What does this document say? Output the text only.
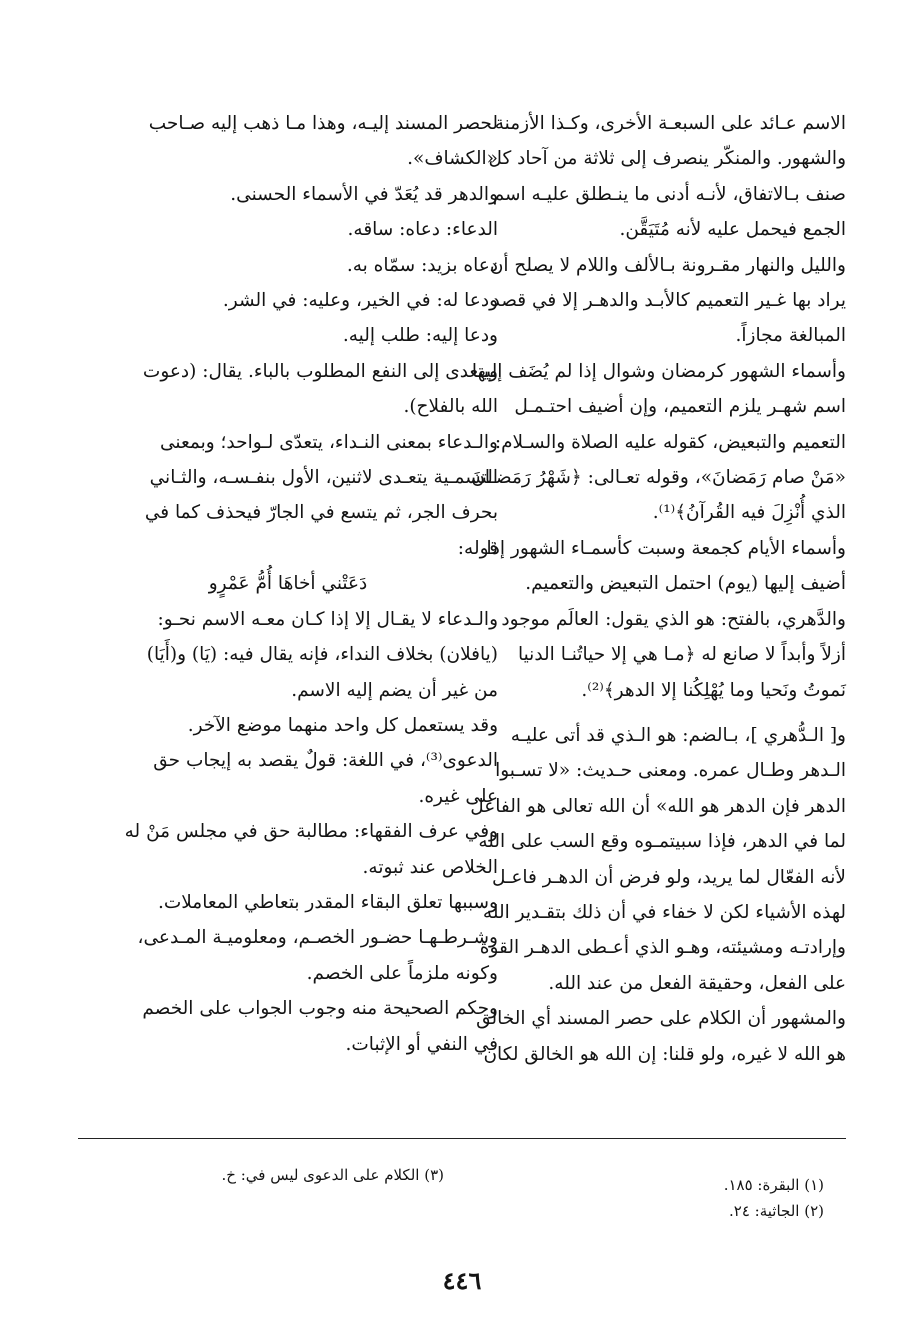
الاسم عـائد على السبعـة الأخرى، وكـذا الأزمنة

والشهور. والمنكّر ينصرف إلى ثلاثة من آحاد كل

صنف بـالاتفاق، لأنـه أدنى ما ينـطلق عليـه اسم

الجمع فيحمل عليه لأنه مُتَيَقَّن.

والليل والنهار مقـرونة بـالألف واللام لا يصلح أن

يراد بها غـير التعميم كالأبـد والدهـر إلا في قصد

المبالغة مجازاً.

وأسماء الشهور كرمضان وشوال إذا لم يُضَف إليها

اسم شهـر يلزم التعميم، وإن أضيف احتـمـل

التعميم والتبعيض، كقوله عليه الصلاة والسـلام:

«مَنْ صام رَمَضانَ»، وقوله تعـالى: ﴿شَهْرُ رَمَضـانَ

الذي أُنْزِلَ فيه القُرآنُ﴾⁽¹⁾.

وأسماء الأيام كجمعة وسبت كأسمـاء الشهور إذا

أضيف إليها (يوم) احتمل التبعيض والتعميم.

والدَّهري، بالفتح: هو الذي يقول: العالَم موجود

أزلاً وأبداً لا صانع له ﴿مـا هي إلا حياتُنـا الدنيا

نَموتُ ونَحيا وما يُهْلِكُنا إلا الدهر﴾⁽²⁾.

و[ الـدُّهري ]، بـالضم: هو الـذي قد أتى عليـه

الـدهر وطـال عمره. ومعنى حـديث: «لا تسـبوا

الدهر فإن الدهر هو الله» أن الله تعالى هو الفاعل

لما في الدهر، فإذا سبيتمـوه وقع السب على الله

لأنه الفعّال لما يريد، ولو فرض أن الدهـر فاعـل

لهذه الأشياء لكن لا خفاء في أن ذلك بتقـدير الله

وإرادتـه ومشيئته، وهـو الذي أعـطى الدهـر القوة

على الفعل، وحقيقة الفعل من عند الله.

والمشهور أن الكلام على حصر المسند أي الخالق

هو الله لا غيره، ولو قلنا: إن الله هو الخالق لكان

لحصر المسند إليـه، وهذا مـا ذهب إليه صـاحب

«الكشاف».

والدهر قد يُعَدّ في الأسماء الحسنى.

الدعاء: دعاه: ساقه.

دعاه بزيد: سمّاه به.

ودعا له: في الخير، وعليه: في الشر.

ودعا إليه: طلب إليه.

ويتعدى إلى النفع المطلوب بالباء. يقال: (دعوت

الله بالفلاح).

والـدعاء بمعنى النـداء، يتعدّى لـواحد؛ وبمعنى

التسمـية يتعـدى لاثنين، الأول بنفـسـه، والثـاني

بحرف الجر، ثم يتسع في الجارّ فيحذف كما في

قوله:

دَعَتْني أخاهَا أُمُّ عَمْرٍو

والـدعاء لا يقـال إلا إذا كـان معـه الاسم نحـو:

(يافلان) بخلاف النداء، فإنه يقال فيه: (يَا) و(أَيَا)

من غير أن يضم إليه الاسم.

وقد يستعمل كل واحد منهما موضع الآخر.

الدعوى⁽³⁾، في اللغة: قولٌ يقصد به إيجاب حق

على غيره.

وفي عرف الفقهاء: مطالبة حق في مجلس مَنْ له

الخلاص عند ثبوته.

وسببها تعلق البقاء المقدر بتعاطي المعاملات.

وشـرطـهـا حضـور الخصـم، ومعلوميـة المـدعى،

وكونه ملزماً على الخصم.

وحكم الصحيحة منه وجوب الجواب على الخصم

في النفي أو الإثبات.

(١) البقرة: ١٨٥.
(٢) الجاثية: ٢٤.
(٣) الكلام على الدعوى ليس في: خ.
٤٤٦
